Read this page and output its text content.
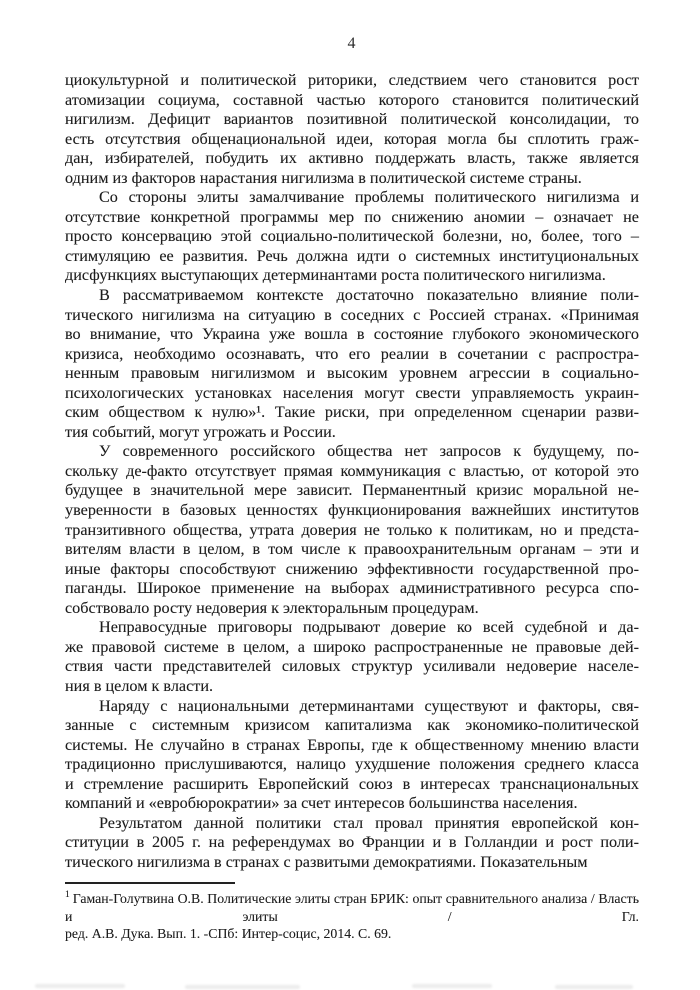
4
циокультурной и политической риторики, следствием чего становится рост
атомизации социума, составной частью которого становится политический
нигилизм. Дефицит вариантов позитивной политической консолидации, то
есть отсутствия общенациональной идеи, которая могла бы сплотить граж-
дан, избирателей, побудить их активно поддержать власть, также является
одним из факторов нарастания нигилизма в политической системе страны.
Со стороны элиты замалчивание проблемы политического нигилизма и
отсутствие конкретной программы мер по снижению аномии – означает не
просто консервацию этой социально-политической болезни, но, более, того –
стимуляцию ее развития. Речь должна идти о системных институциональных
дисфункциях выступающих детерминантами роста политического нигилизма.
В рассматриваемом контексте достаточно показательно влияние поли-
тического нигилизма на ситуацию в соседних с Россией странах. «Принимая
во внимание, что Украина уже вошла в состояние глубокого экономического
кризиса, необходимо осознавать, что его реалии в сочетании с распростра-
ненным правовым нигилизмом и высоким уровнем агрессии в социально-
психологических установках населения могут свести управляемость украин-
ским обществом к нулю»¹. Такие риски, при определенном сценарии разви-
тия событий, могут угрожать и России.
У современного российского общества нет запросов к будущему, по-
скольку де-факто отсутствует прямая коммуникация с властью, от которой это
будущее в значительной мере зависит. Перманентный кризис моральной не-
уверенности в базовых ценностях функционирования важнейших институтов
транзитивного общества, утрата доверия не только к политикам, но и предста-
вителям власти в целом, в том числе к правоохранительным органам – эти и
иные факторы способствуют снижению эффективности государственной про-
паганды. Широкое применение на выборах административного ресурса спо-
собствовало росту недоверия к электоральным процедурам.
Неправосудные приговоры подрывают доверие ко всей судебной и да-
же правовой системе в целом, а широко распространенные не правовые дей-
ствия части представителей силовых структур усиливали недоверие населе-
ния в целом к власти.
Наряду с национальными детерминантами существуют и факторы, свя-
занные с системным кризисом капитализма как экономико-политической
системы. Не случайно в странах Европы, где к общественному мнению власти
традиционно прислушиваются, налицо ухудшение положения среднего класса
и стремление расширить Европейский союз в интересах транснациональных
компаний и «евробюрократии» за счет интересов большинства населения.
Результатом данной политики стал провал принятия европейской кон-
ституции в 2005 г. на референдумах во Франции и в Голландии и рост поли-
тического нигилизма в странах с развитыми демократиями. Показательным
$^1$ Гаман-Голутвина О.В. Политические элиты стран БРИК: опыт сравнительного анализа / Власть и элиты / Гл.
ред. А.В. Дука. Вып. 1. -СПб: Интер-социс, 2014. С. 69.
